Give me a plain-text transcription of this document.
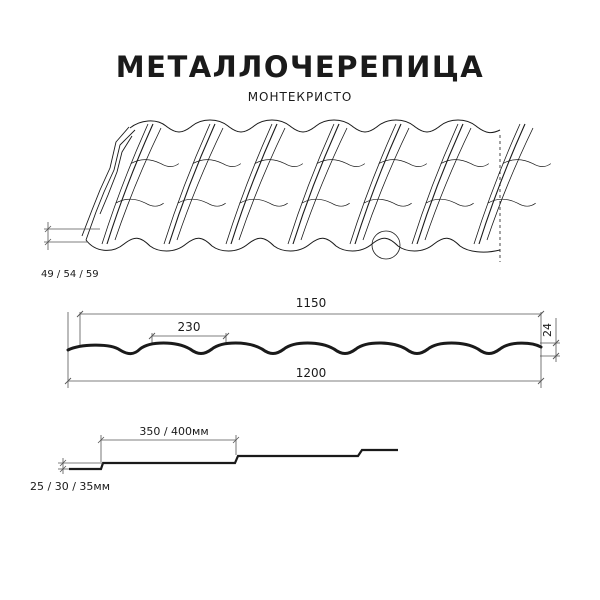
МЕТАЛЛОЧЕРЕПИЦА
МОНТЕКРИСТО
49 / 54 / 59
1150
230
1200
24
350 / 400мм
25 / 30 / 35мм
